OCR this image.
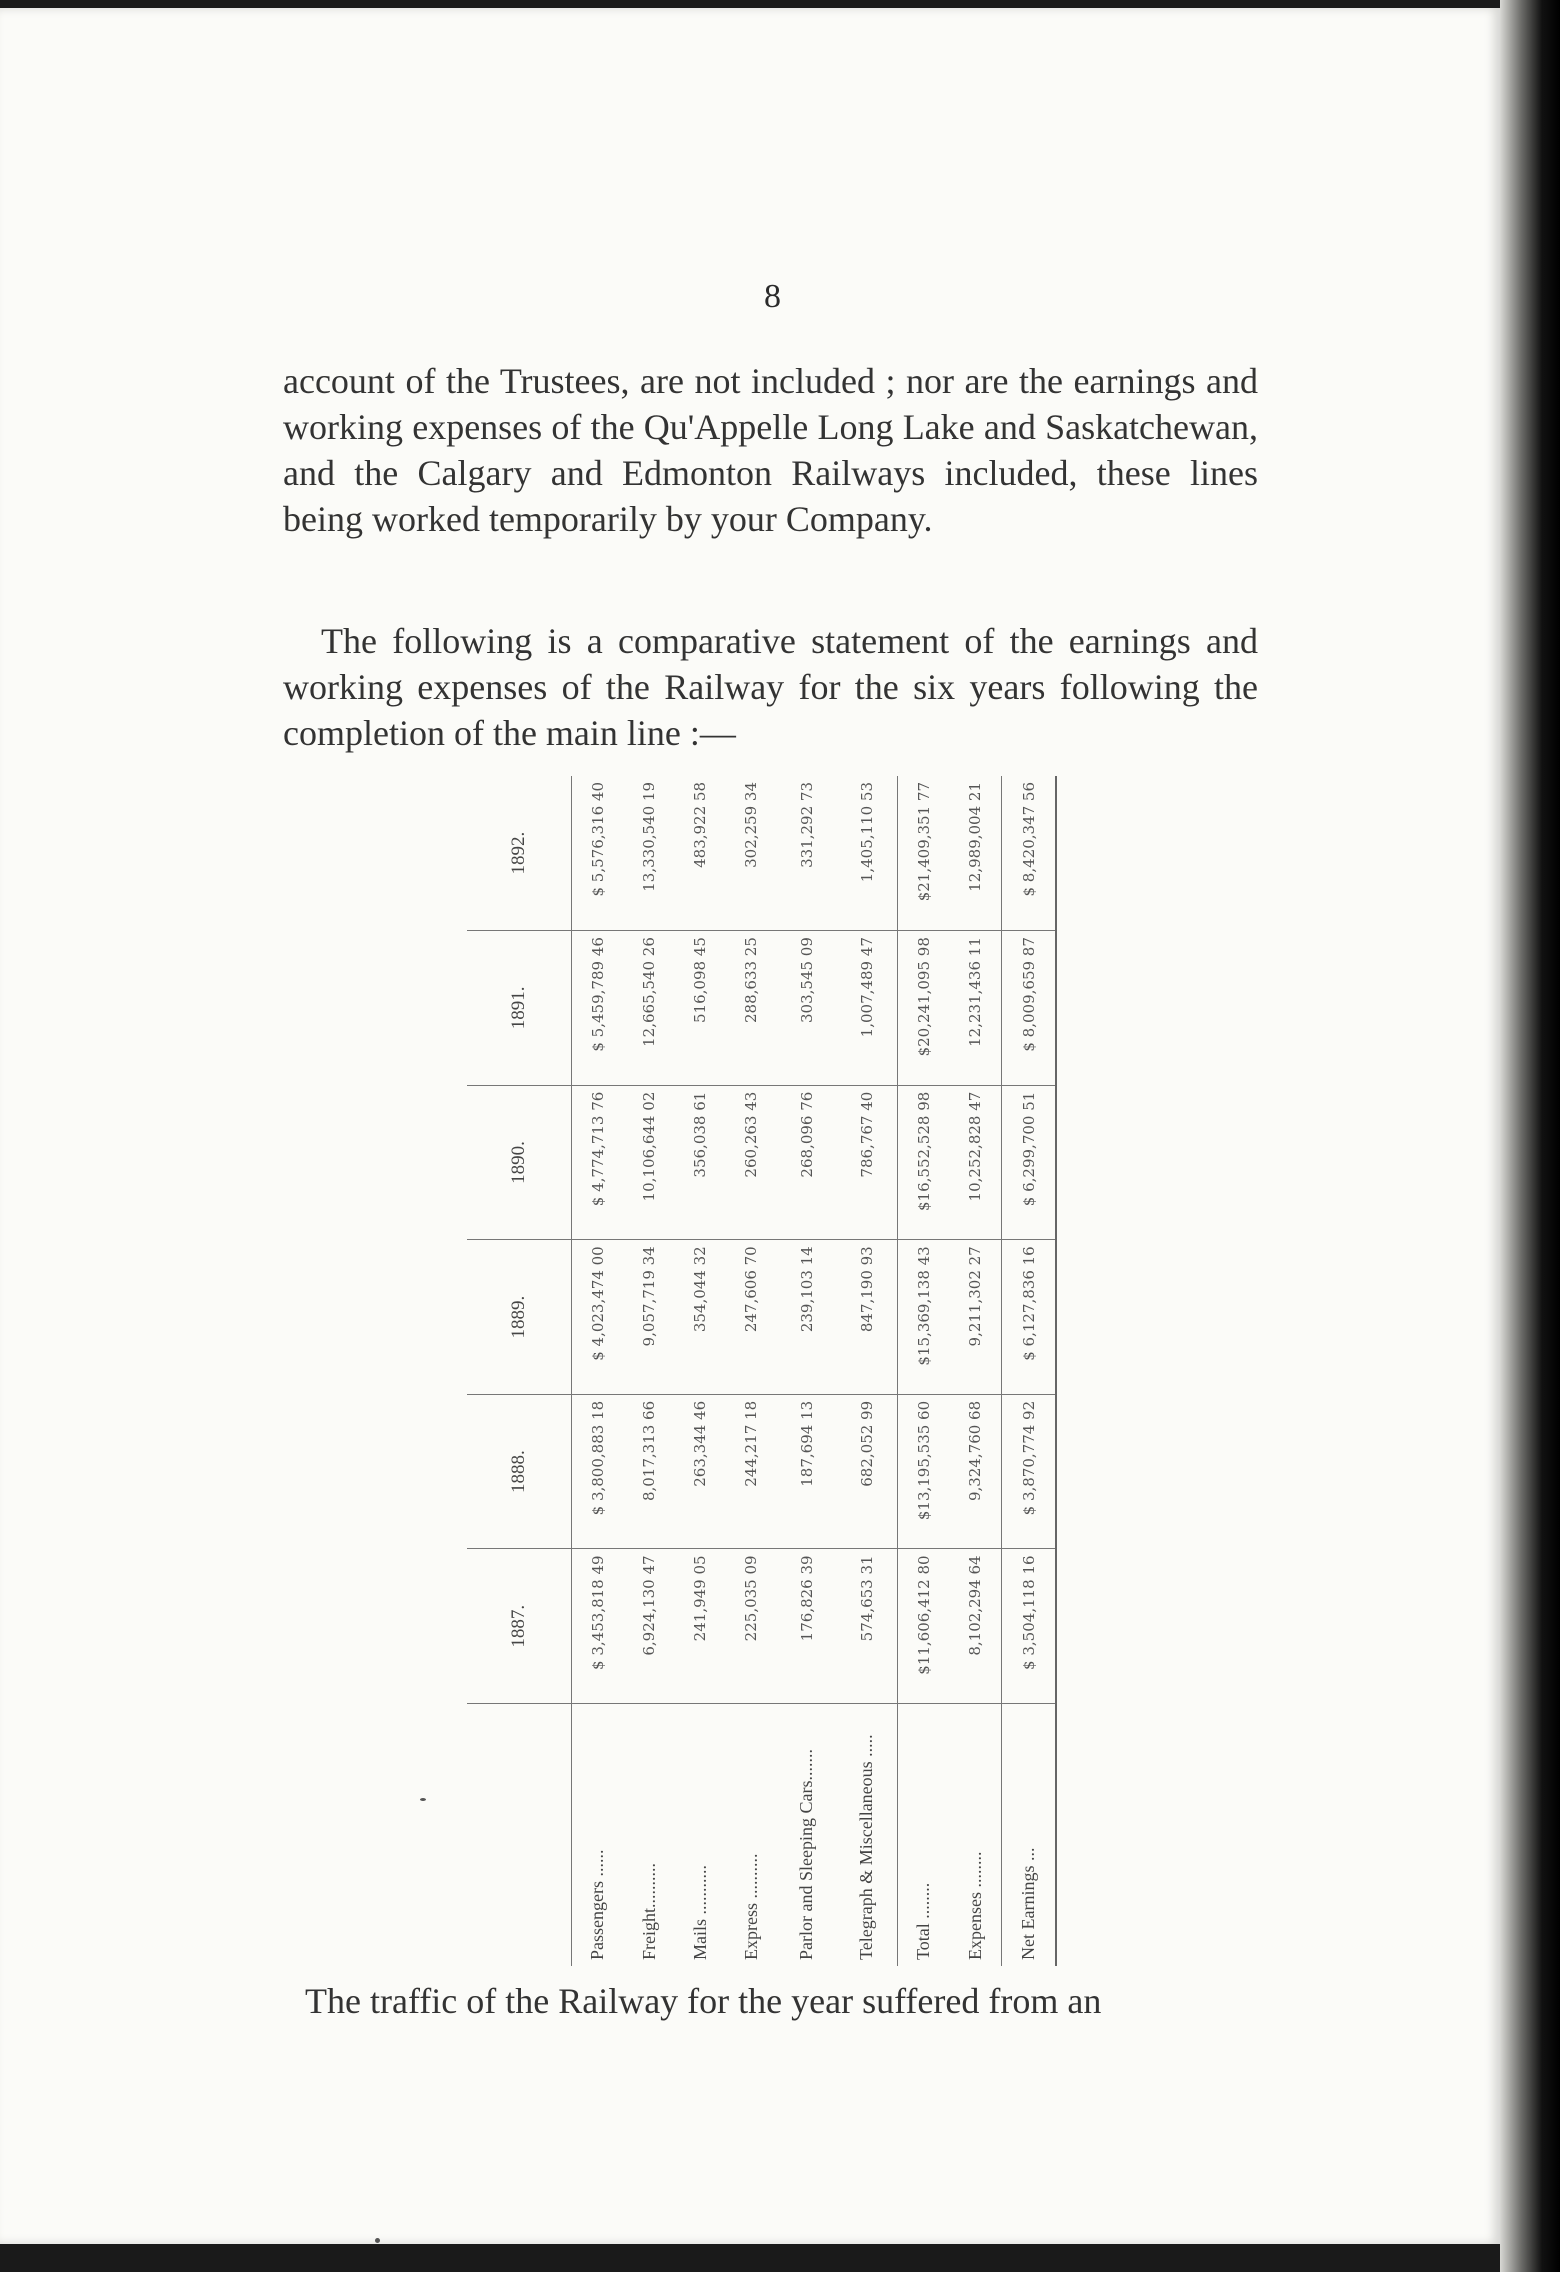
8

account of the Trustees, are not included ; nor are the earnings and working expenses of the Qu'Appelle Long Lake and Saskatchewan, and the Calgary and Edmonton Railways included, these lines being worked temporarily by your Company.

The following is a comparative statement of the earnings and working expenses of the Railway for the six years following the completion of the main line :—

	1887.	1888.	1889.	1890.	1891.	1892.
Passengers ......	$ 3,453,818 49	$ 3,800,883 18	$ 4,023,474 00	$ 4,774,713 76	$ 5,459,789 46	$ 5,576,316 40
Freight..........	6,924,130 47	8,017,313 66	9,057,719 34	10,106,644 02	12,665,540 26	13,330,540 19
Mails ...........	241,949 05	263,344 46	354,044 32	356,038 61	516,098 45	483,922 58
Express ..........	225,035 09	244,217 18	247,606 70	260,263 43	288,633 25	302,259 34
Parlor and Sleeping Cars.......	176,826 39	187,694 13	239,103 14	268,096 76	303,545 09	331,292 73
Telegraph & Miscellaneous .....	574,653 31	682,052 99	847,190 93	786,767 40	1,007,489 47	1,405,110 53
Total ........	$11,606,412 80	$13,195,535 60	$15,369,138 43	$16,552,528 98	$20,241,095 98	$21,409,351 77
Expenses ........	8,102,294 64	9,324,760 68	9,211,302 27	10,252,828 47	12,231,436 11	12,989,004 21
Net Earnings ...	$ 3,504,118 16	$ 3,870,774 92	$ 6,127,836 16	$ 6,299,700 51	$ 8,009,659 87	$ 8,420,347 56

The traffic of the Railway for the year suffered from an
